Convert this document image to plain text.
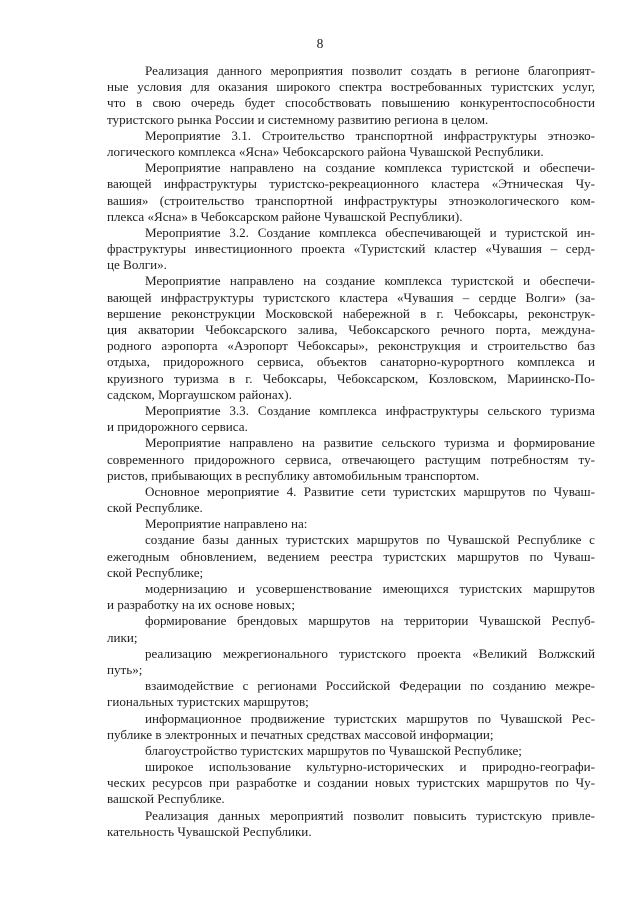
8
Реализация данного мероприятия позволит создать в регионе благоприят-
ные условия для оказания широкого спектра востребованных туристских услуг,
что в свою очередь будет способствовать повышению конкурентоспособности
туристского рынка России и системному развитию региона в целом.
Мероприятие 3.1. Строительство транспортной инфраструктуры этноэко-
логического комплекса «Ясна» Чебоксарского района Чувашской Республики.
Мероприятие направлено на создание комплекса туристской и обеспечи-
вающей инфраструктуры туристско-рекреационного кластера «Этническая Чу-
вашия» (строительство транспортной инфраструктуры этноэкологического ком-
плекса «Ясна» в Чебоксарском районе Чувашской Республики).
Мероприятие 3.2. Создание комплекса обеспечивающей и туристской ин-
фраструктуры инвестиционного проекта «Туристский кластер «Чувашия – серд-
це Волги».
Мероприятие направлено на создание комплекса туристской и обеспечи-
вающей инфраструктуры туристского кластера «Чувашия – сердце Волги» (за-
вершение реконструкции Московской набережной в г. Чебоксары, реконструк-
ция акватории Чебоксарского залива, Чебоксарского речного порта, междуна-
родного аэропорта «Аэропорт Чебоксары», реконструкция и строительство баз
отдыха, придорожного сервиса, объектов санаторно-курортного комплекса и
круизного туризма в г. Чебоксары, Чебоксарском, Козловском, Мариинско-По-
садском, Моргаушском районах).
Мероприятие 3.3. Создание комплекса инфраструктуры сельского туризма
и придорожного сервиса.
Мероприятие направлено на развитие сельского туризма и формирование
современного придорожного сервиса, отвечающего растущим потребностям ту-
ристов, прибывающих в республику автомобильным транспортом.
Основное мероприятие 4. Развитие сети туристских маршрутов по Чуваш-
ской Республике.
Мероприятие направлено на:
создание базы данных туристских маршрутов по Чувашской Республике с
ежегодным обновлением, ведением реестра туристских маршрутов по Чуваш-
ской Республике;
модернизацию и усовершенствование имеющихся туристских маршрутов
и разработку на их основе новых;
формирование брендовых маршрутов на территории Чувашской Респуб-
лики;
реализацию межрегионального туристского проекта «Великий Волжский
путь»;
взаимодействие с регионами Российской Федерации по созданию межре-
гиональных туристских маршрутов;
информационное продвижение туристских маршрутов по Чувашской Рес-
публике в электронных и печатных средствах массовой информации;
благоустройство туристских маршрутов по Чувашской Республике;
широкое использование культурно-исторических и природно-географи-
ческих ресурсов при разработке и создании новых туристских маршрутов по Чу-
вашской Республике.
Реализация данных мероприятий позволит повысить туристскую привле-
кательность Чувашской Республики.
